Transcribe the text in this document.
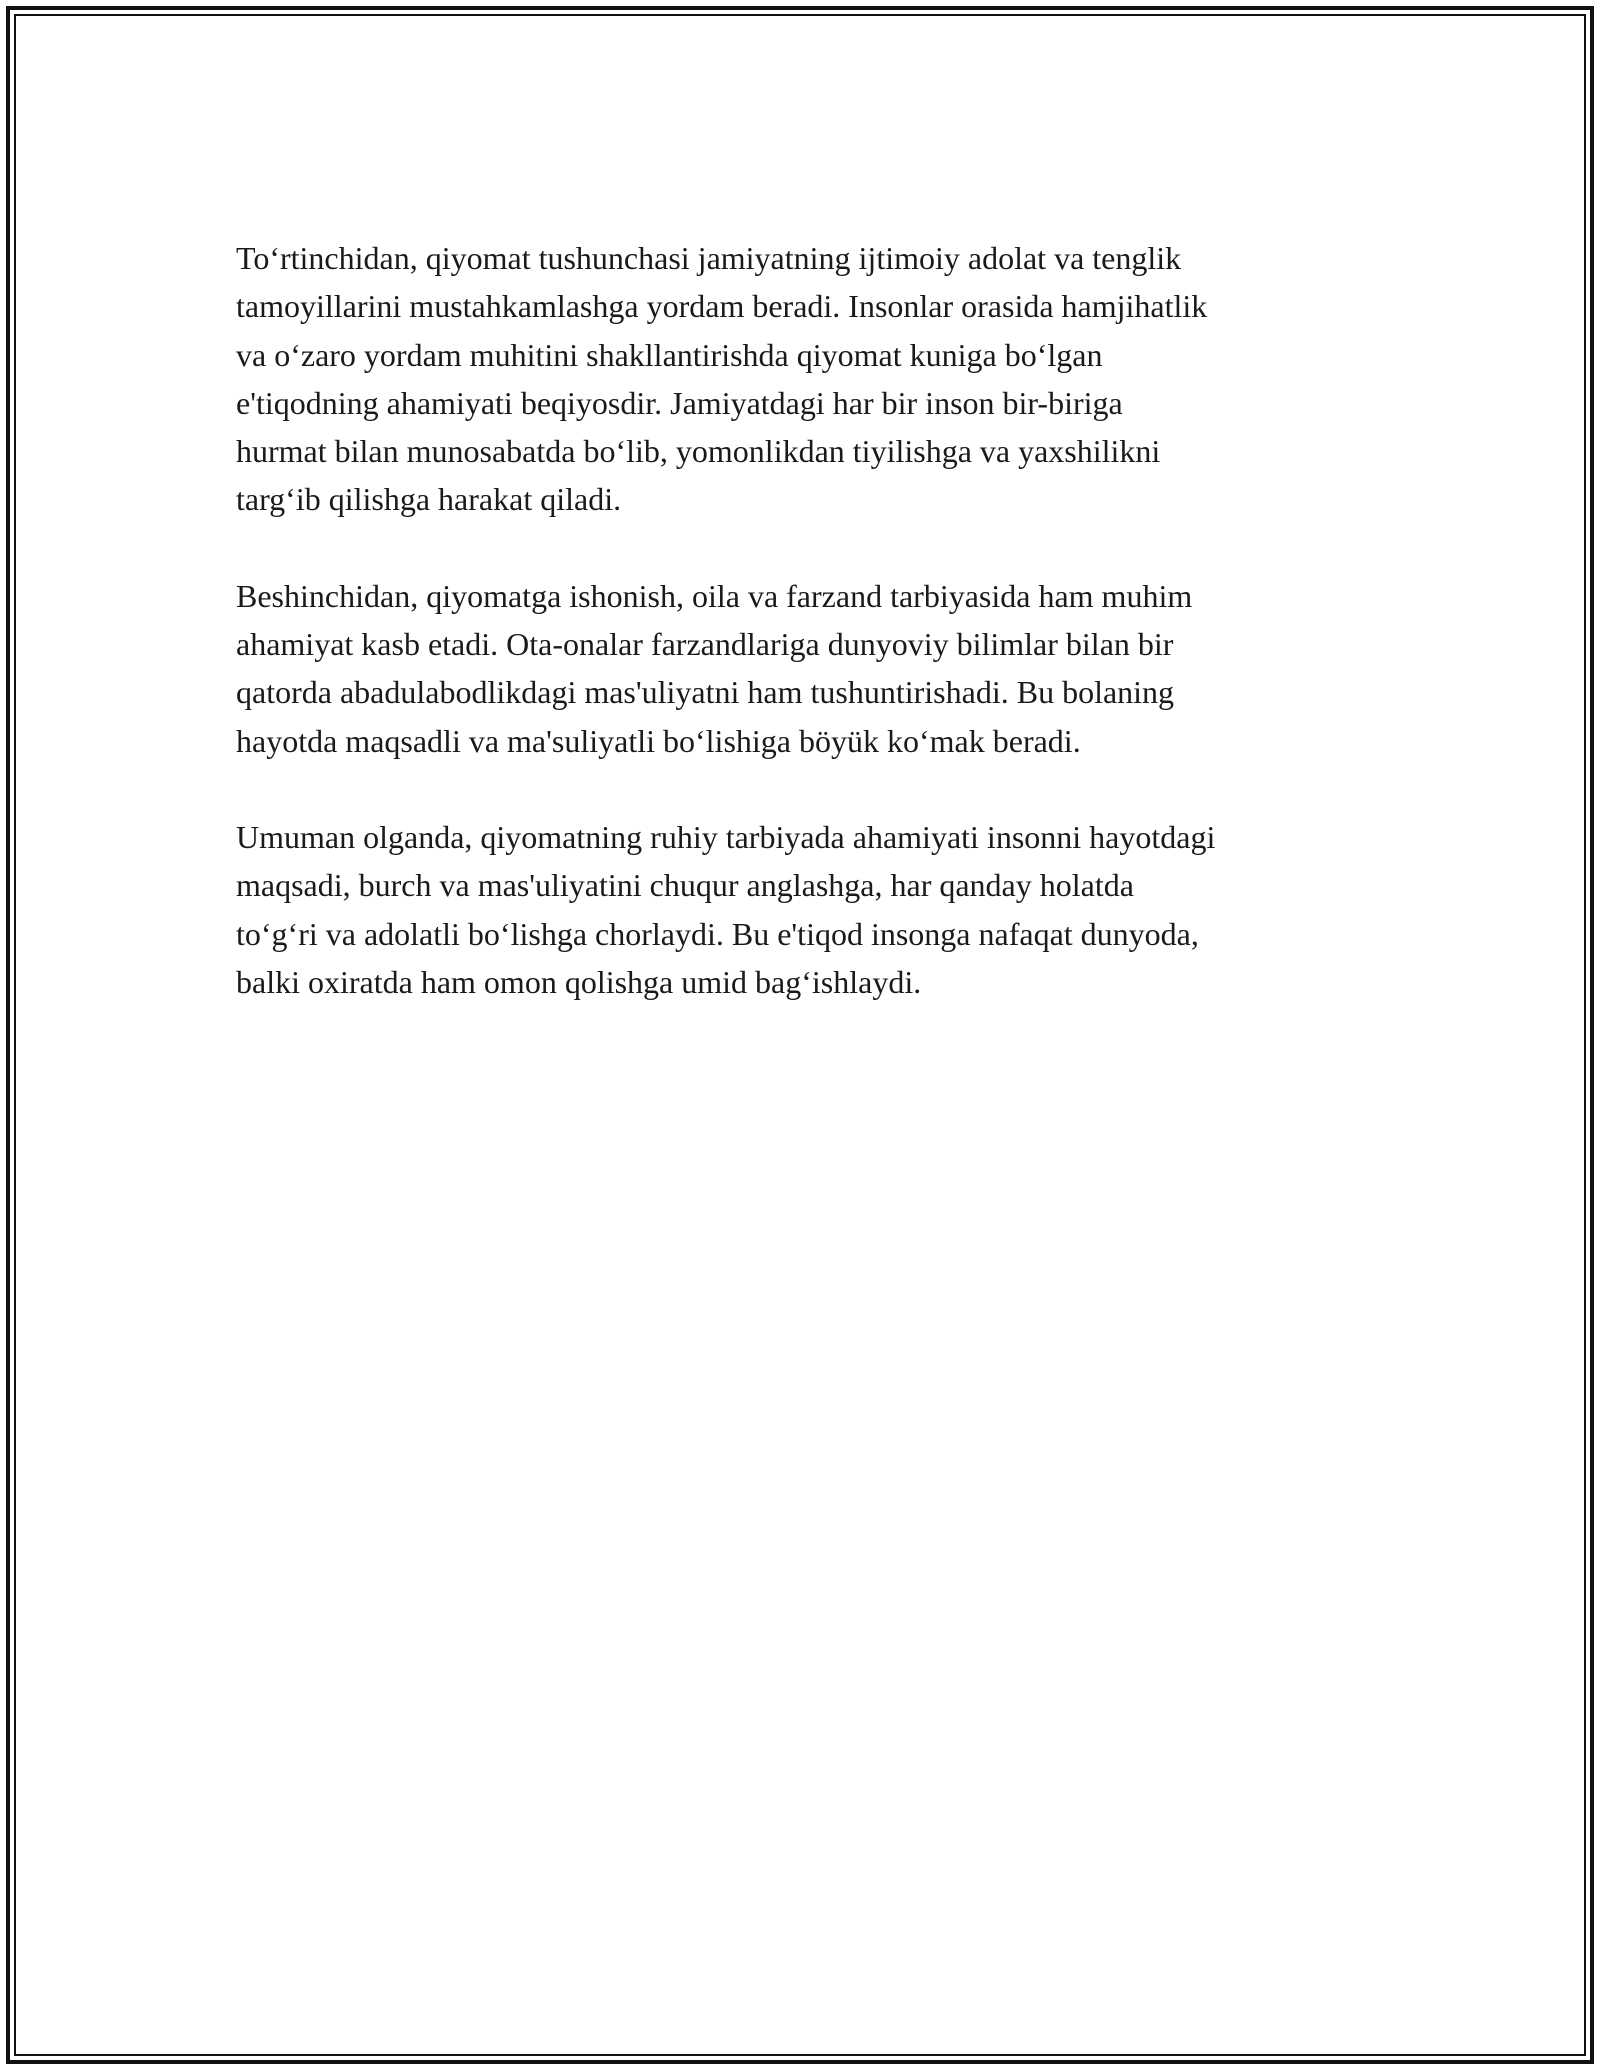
To‘rtinchidan, qiyomat tushunchasi jamiyatning ijtimoiy adolat va tenglik
tamoyillarini mustahkamlashga yordam beradi. Insonlar orasida hamjihatlik
va o‘zaro yordam muhitini shakllantirishda qiyomat kuniga bo‘lgan
e'tiqodning ahamiyati beqiyosdir. Jamiyatdagi har bir inson bir-biriga
hurmat bilan munosabatda bo‘lib, yomonlikdan tiyilishga va yaxshilikni
targ‘ib qilishga harakat qiladi.

Beshinchidan, qiyomatga ishonish, oila va farzand tarbiyasida ham muhim
ahamiyat kasb etadi. Ota-onalar farzandlariga dunyoviy bilimlar bilan bir
qatorda abadulabodlikdagi mas'uliyatni ham tushuntirishadi. Bu bolaning
hayotda maqsadli va ma'suliyatli bo‘lishiga böyük ko‘mak beradi.

Umuman olganda, qiyomatning ruhiy tarbiyada ahamiyati insonni hayotdagi
maqsadi, burch va mas'uliyatini chuqur anglashga, har qanday holatda
to‘g‘ri va adolatli bo‘lishga chorlaydi. Bu e'tiqod insonga nafaqat dunyoda,
balki oxiratda ham omon qolishga umid bag‘ishlaydi.
